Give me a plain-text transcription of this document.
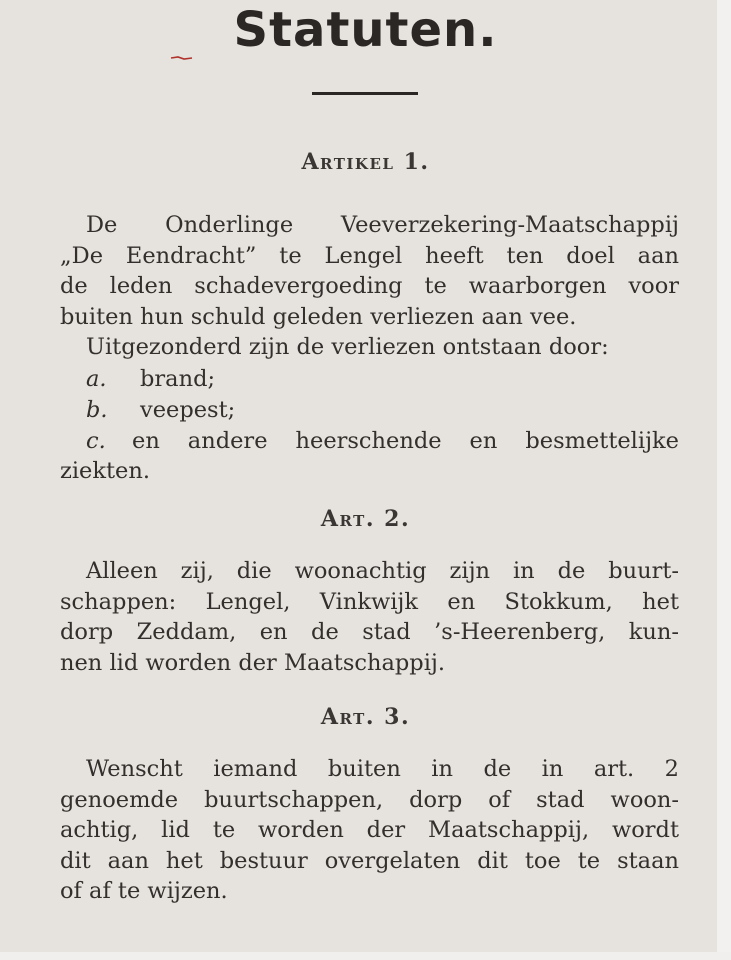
Statuten.
Artikel 1.
De Onderlinge Veeverzekering-Maatschappij
„De Eendracht” te Lengel heeft ten doel aan
de leden schadevergoeding te waarborgen voor
buiten hun schuld geleden verliezen aan vee.

Uitgezonderd zijn de verliezen ontstaan door:

a. brand;

b. veepest;

c. en andere heerschende en besmettelijke

ziekten.

Art. 2.
Alleen zij, die woonachtig zijn in de buurt-
schappen: Lengel, Vinkwijk en Stokkum, het
dorp Zeddam, en de stad ’s-Heerenberg, kun-
nen lid worden der Maatschappij.
Art. 3.
Wenscht iemand buiten in de in art. 2
genoemde buurtschappen, dorp of stad woon-
achtig, lid te worden der Maatschappij, wordt
dit aan het bestuur overgelaten dit toe te staan
of af te wijzen.
